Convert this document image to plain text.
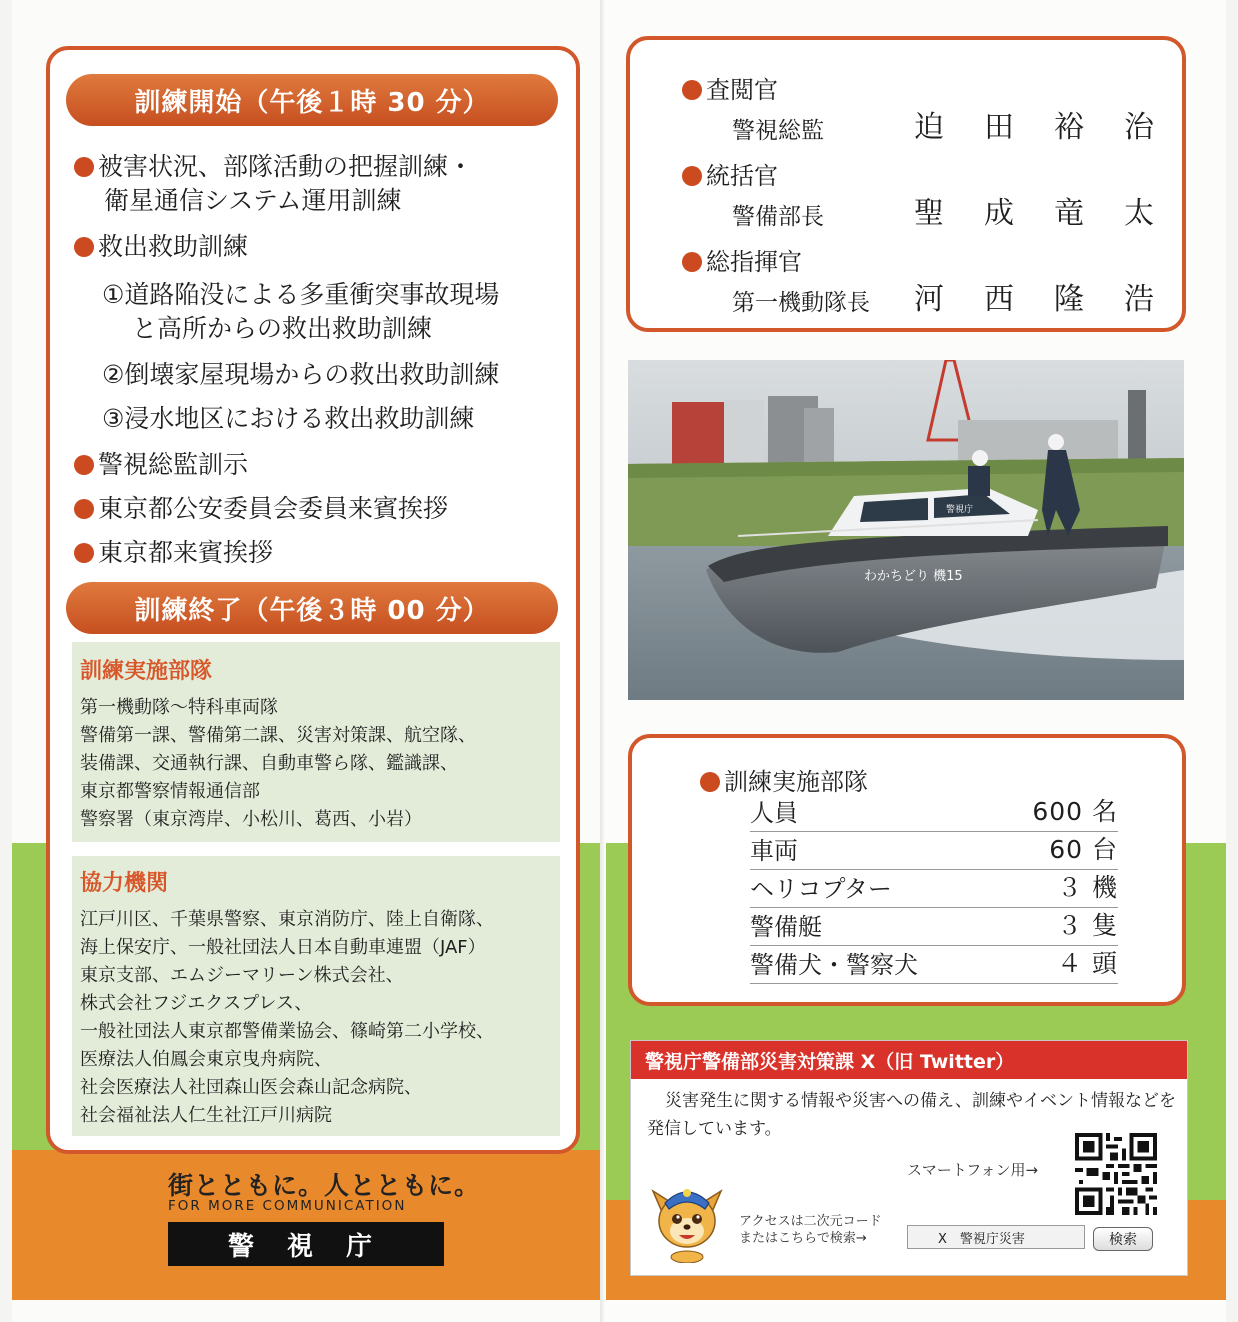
訓練開始（午後１時 30 分）
被害状況、部隊活動の把握訓練・
衛星通信システム運用訓練
救出救助訓練
①道路陥没による多重衝突事故現場
と高所からの救出救助訓練
②倒壊家屋現場からの救出救助訓練
③浸水地区における救出救助訓練
警視総監訓示
東京都公安委員会委員来賓挨拶
東京都来賓挨拶
訓練終了（午後３時 00 分）
訓練実施部隊
第一機動隊～特科車両隊
警備第一課、警備第二課、災害対策課、航空隊、
装備課、交通執行課、自動車警ら隊、鑑識課、
東京都警察情報通信部
警察署（東京湾岸、小松川、葛西、小岩）
協力機関
江戸川区、千葉県警察、東京消防庁、陸上自衛隊、
海上保安庁、一般社団法人日本自動車連盟（JAF）
東京支部、エムジーマリーン株式会社、
株式会社フジエクスプレス、
一般社団法人東京都警備業協会、篠崎第二小学校、
医療法人伯鳳会東京曳舟病院、
社会医療法人社団森山医会森山記念病院、
社会福祉法人仁生社江戸川病院
街とともに。人とともに。
FOR MORE COMMUNICATION
警 視 庁
査閲官
警視総監	迫 田 裕 治
統括官
警備部長	聖 成 竜 太
総指揮官
第一機動隊長 河 西 隆 浩
わかちどり 機15
警視庁
訓練実施部隊
人員	600 名
車両	60 台
ヘリコプター	３ 機
警備艇	３ 隻
警備犬・警察犬	４ 頭
警視庁警備部災害対策課 X（旧 Twitter）
災害発生に関する情報や災害への備え、訓練やイベント情報などを発信しています。
スマートフォン用→
アクセスは二次元コード
またはこちらで検索→	X　警視庁災害	検索
